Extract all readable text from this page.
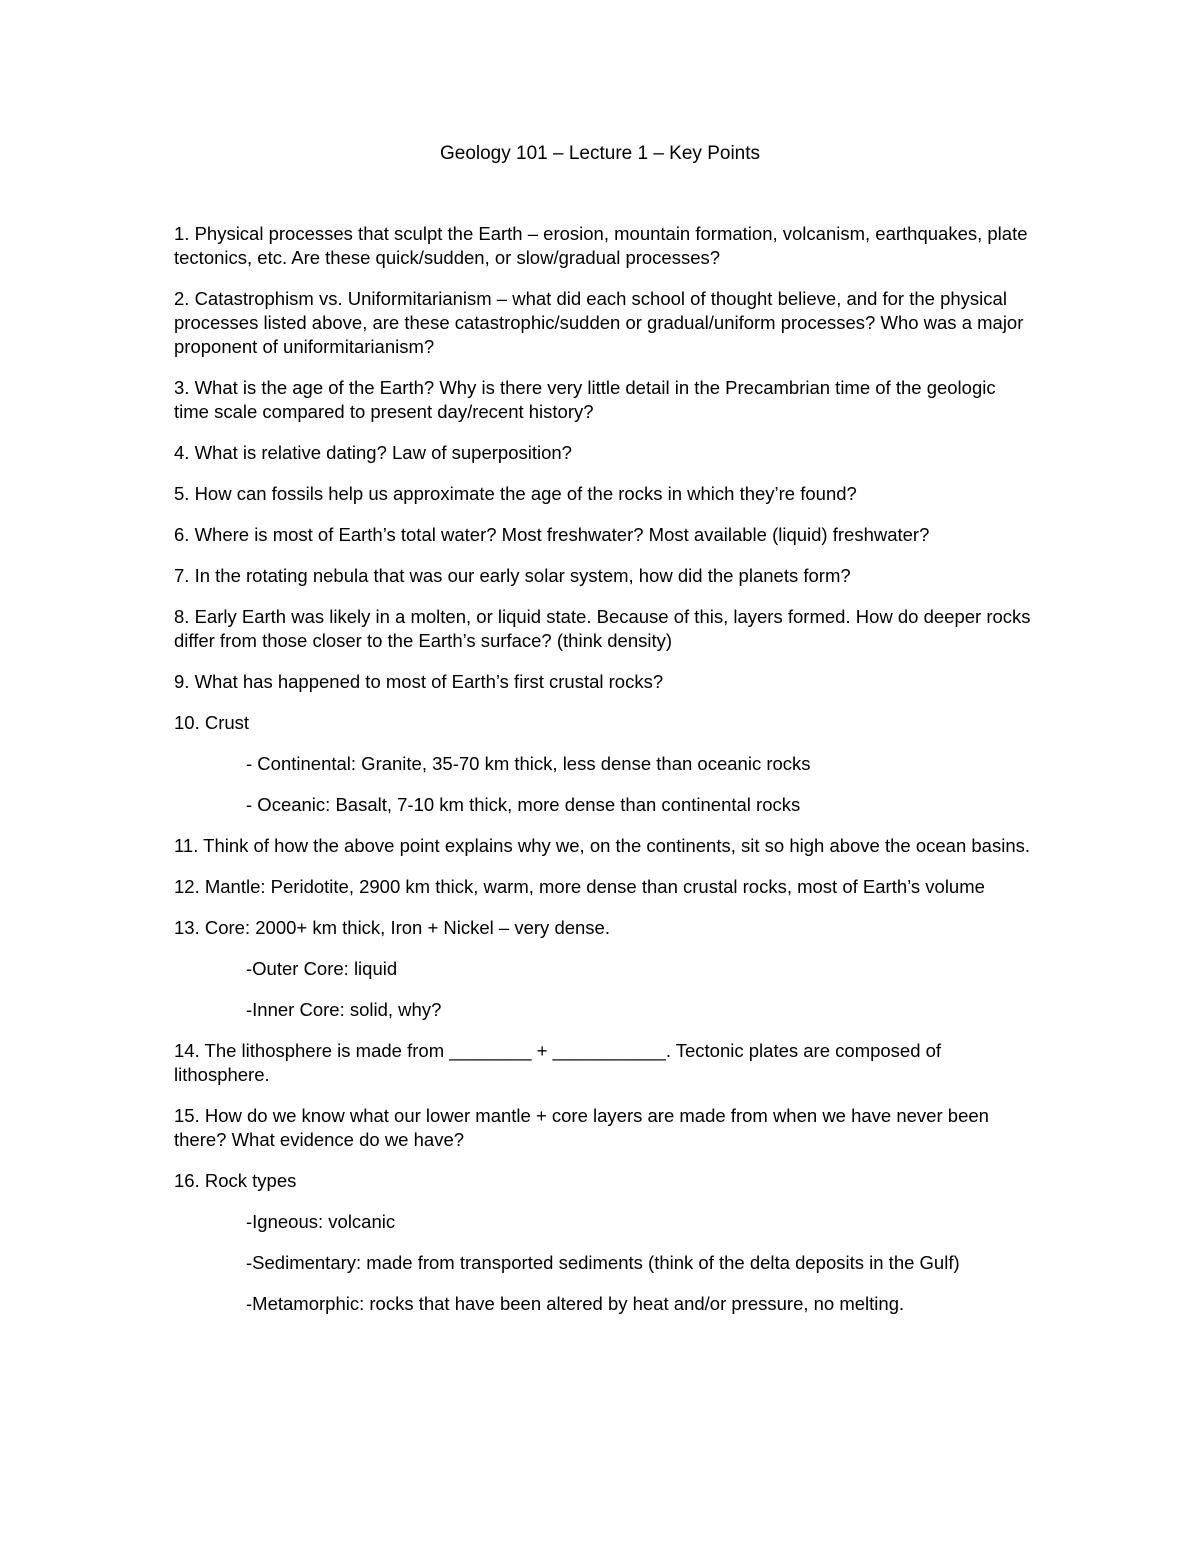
Geology 101 – Lecture 1 – Key Points

1. Physical processes that sculpt the Earth – erosion, mountain formation, volcanism, earthquakes, plate tectonics, etc. Are these quick/sudden, or slow/gradual processes?

2. Catastrophism vs. Uniformitarianism – what did each school of thought believe, and for the physical processes listed above, are these catastrophic/sudden or gradual/uniform processes? Who was a major proponent of uniformitarianism?

3. What is the age of the Earth? Why is there very little detail in the Precambrian time of the geologic time scale compared to present day/recent history?

4. What is relative dating? Law of superposition?

5. How can fossils help us approximate the age of the rocks in which they’re found?

6. Where is most of Earth’s total water? Most freshwater? Most available (liquid) freshwater?

7. In the rotating nebula that was our early solar system, how did the planets form?

8. Early Earth was likely in a molten, or liquid state. Because of this, layers formed. How do deeper rocks differ from those closer to the Earth’s surface? (think density)

9. What has happened to most of Earth’s first crustal rocks?

10. Crust

- Continental: Granite, 35-70 km thick, less dense than oceanic rocks

- Oceanic: Basalt, 7-10 km thick, more dense than continental rocks

11. Think of how the above point explains why we, on the continents, sit so high above the ocean basins.

12. Mantle: Peridotite, 2900 km thick, warm, more dense than crustal rocks, most of Earth’s volume

13. Core: 2000+ km thick, Iron + Nickel – very dense.

-Outer Core: liquid

-Inner Core: solid, why?

14. The lithosphere is made from ________ + ___________. Tectonic plates are composed of lithosphere.

15. How do we know what our lower mantle + core layers are made from when we have never been there? What evidence do we have?

16. Rock types

-Igneous: volcanic

-Sedimentary: made from transported sediments (think of the delta deposits in the Gulf)

-Metamorphic: rocks that have been altered by heat and/or pressure, no melting.
